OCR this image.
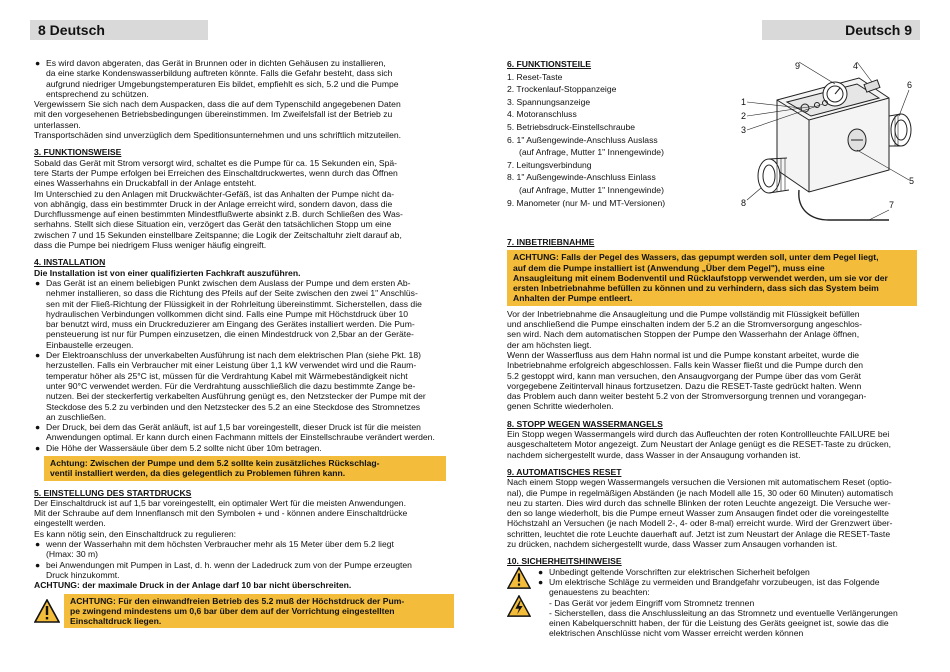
8 Deutsch
● Es wird davon abgeraten, das Gerät in Brunnen oder in dichten Gehäusen zu installieren,

da eine starke Kondenswasserbildung auftreten könnte. Falls die Gefahr besteht, dass sich

aufgrund niedriger Umgebungstemperaturen Eis bildet, empfiehlt es sich, 5.2 und die Pumpe

entsprechend zu schützen.

Vergewissern Sie sich nach dem Auspacken, dass die auf dem Typenschild angegebenen Daten

mit den vorgesehenen Betriebsbedingungen übereinstimmen. Im Zweifelsfall ist der Betrieb zu

unterlassen.

Transportschäden sind unverzüglich dem Speditionsunternehmen und uns schriftlich mitzuteilen.

3. FUNKTIONSWEISE

Sobald das Gerät mit Strom versorgt wird, schaltet es die Pumpe für ca. 15 Sekunden ein, Spä-

tere Starts der Pumpe erfolgen bei Erreichen des Einschaltdruckwertes, wenn durch das Öffnen

eines Wasserhahns ein Druckabfall in der Anlage entsteht.

Im Unterschied zu den Anlagen mit Druckwächter-Gefäß, ist das Anhalten der Pumpe nicht da-

von abhängig, dass ein bestimmter Druck in der Anlage erreicht wird, sondern davon, dass die

Durchflussmenge auf einen bestimmten Mindestflußwerte absinkt z.B. durch Schließen des Was-

serhahns. Stellt sich diese Situation ein, verzögert das Gerät den tatsächlichen Stopp um eine

zwischen 7 und 15 Sekunden einstellbare Zeitspanne; die Logik der Zeitschaltuhr zielt darauf ab,

dass die Pumpe bei niedrigem Fluss weniger häufig eingreift.

4. INSTALLATION

Die Installation ist von einer qualifizierten Fachkraft auszuführen.

● Das Gerät ist an einem beliebigen Punkt zwischen dem Auslass der Pumpe und dem ersten Ab-

nehmer installieren, so dass die Richtung des Pfeils auf der Seite zwischen den zwei 1" Anschlüs-

sen mit der Fließ-Richtung der Flüssigkeit in der Rohrleitung übereinstimmt. Sicherstellen, dass die

hydraulischen Verbindungen vollkommen dicht sind. Falls eine Pumpe mit Höchstdruck über 10

bar benutzt wird, muss ein Druckreduzierer am Eingang des Gerätes installiert werden. Die Pum-

pensteuerung ist nur für Pumpen einzusetzen, die einen Mindestdruck von 2,5bar an der Geräte-

Einbaustelle erzeugen.

● Der Elektroanschluss der unverkabelten Ausführung ist nach dem elektrischen Plan (siehe Pkt. 18)

herzustellen. Falls ein Verbraucher mit einer Leistung über 1,1 kW verwendet wird und die Raum-

temperatur höher als 25°C ist, müssen für die Verdrahtung Kabel mit Wärmebeständigkeit nicht

unter 90°C verwendet werden. Für die Verdrahtung ausschließlich die dazu bestimmte Zange be-

nutzen. Bei der steckerfertig verkabelten Ausführung genügt es, den Netzstecker der Pumpe mit der

Steckdose des 5.2 zu verbinden und den Netzstecker des 5.2 an eine Steckdose des Stromnetzes

an zuschließen.

● Der Druck, bei dem das Gerät anläuft, ist auf 1,5 bar voreingestellt, dieser Druck ist für die meisten

Anwendungen optimal. Er kann durch einen Fachmann mittels der Einstellschraube verändert werden.

● Die Höhe der Wassersäule über dem 5.2 sollte nicht über 10m betragen.

Achtung: Zwischen der Pumpe und dem 5.2 sollte kein zusätzliches Rückschlag-

ventil installiert werden, da dies gelegentlich zu Problemen führen kann.

5. EINSTELLUNG DES STARTDRUCKS

Der Einschaltdruck ist auf 1,5 bar voreingestellt, ein optimaler Wert für die meisten Anwendungen.

Mit der Schraube auf dem Innenflansch mit den Symbolen + und - können andere Einschaltdrücke

eingestellt werden.

Es kann nötig sein, den Einschaltdruck zu regulieren:

● wenn der Wasserhahn mit dem höchsten Verbraucher mehr als 15 Meter über dem 5.2 liegt

(Hmax: 30 m)

● bei Anwendungen mit Pumpen in Last, d. h. wenn der Ladedruck zum von der Pumpe erzeugten

Druck hinzukommt.

ACHTUNG: der maximale Druck in der Anlage darf 10 bar nicht überschreiten.

ACHTUNG: Für den einwandfreien Betrieb des 5.2 muß der Höchstdruck der Pum-

pe zwingend mindestens um 0,6 bar über dem auf der Vorrichtung eingestellten

Einschaltdruck liegen.

Deutsch 9

6. FUNKTIONSTEILE

1. Reset-Taste

2. Trockenlauf-Stoppanzeige

3. Spannungsanzeige

4. Motoranschluss

5. Betriebsdruck-Einstellschraube

6. 1" Außengewinde-Anschluss Auslass

(auf Anfrage, Mutter 1" Innengewinde)

7. Leitungsverbindung

8. 1" Außengewinde-Anschluss Einlass

(auf Anfrage, Mutter 1" Innengewinde)

9. Manometer (nur M- und MT-Versionen)

1
2
3
4
5
6
7
8
9

7. INBETRIEBNAHME

ACHTUNG: Falls der Pegel des Wassers, das gepumpt werden soll, unter dem Pegel liegt,

auf dem die Pumpe installiert ist (Anwendung „Über dem Pegel"), muss eine

Ansaugleitung mit einem Bodenventil und Rücklaufstopp verwendet werden, um sie vor der

ersten Inbetriebnahme befüllen zu können und zu verhindern, dass sich das System beim

Anhalten der Pumpe entleert.

Vor der Inbetriebnahme die Ansaugleitung und die Pumpe vollständig mit Flüssigkeit befüllen

und anschließend die Pumpe einschalten indem der 5.2 an die Stromversorgung angeschlos-

sen wird. Nach dem automatischen Stoppen der Pumpe den Wasserhahn der Anlage öffnen,

der am höchsten liegt.

Wenn der Wasserfluss aus dem Hahn normal ist und die Pumpe konstant arbeitet, wurde die

Inbetriebnahme erfolgreich abgeschlossen. Falls kein Wasser fließt und die Pumpe durch den

5.2 gestoppt wird, kann man versuchen, den Ansaugvorgang der Pumpe über das vom Gerät

vorgegebene Zeitintervall hinaus fortzusetzen. Dazu die RESET-Taste gedrückt halten. Wenn

das Problem auch dann weiter besteht 5.2 von der Stromversorgung trennen und vorangegan-

genen Schritte wiederholen.

8. STOPP WEGEN WASSERMANGELS

Ein Stopp wegen Wassermangels wird durch das Aufleuchten der roten Kontrollleuchte FAILURE bei

ausgeschaltetem Motor angezeigt. Zum Neustart der Anlage genügt es die RESET-Taste zu drücken,

nachdem sichergestellt wurde, dass Wasser in der Ansaugung vorhanden ist.

9. AUTOMATISCHES RESET

Nach einem Stopp wegen Wassermangels versuchen die Versionen mit automatischem Reset (optio-

nal), die Pumpe in regelmäßigen Abständen (je nach Modell alle 15, 30 oder 60 Minuten) automatisch

neu zu starten. Dies wird durch das schnelle Blinken der roten Leuchte angezeigt. Die Versuche wer-

den so lange wiederholt, bis die Pumpe erneut Wasser zum Ansaugen findet oder die voreingestellte

Höchstzahl an Versuchen (je nach Modell 2-, 4- oder 8-mal) erreicht wurde. Wird der Grenzwert über-

schritten, leuchtet die rote Leuchte dauerhaft auf. Jetzt ist zum Neustart der Anlage die RESET-Taste

zu drücken, nachdem sichergestellt wurde, dass Wasser zum Ansaugen vorhanden ist.

10. SICHERHEITSHINWEISE

● Unbedingt geltende Vorschriften zur elektrischen Sicherheit befolgen

● Um elektrische Schläge zu vermeiden und Brandgefahr vorzubeugen, ist das Folgende

genauestens zu beachten:

- Das Gerät vor jedem Eingriff vom Stromnetz trennen

- Sicherstellen, dass die Anschlussleitung an das Stromnetz und eventuelle Verlängerungen

einen Kabelquerschnitt haben, der für die Leistung des Geräts geeignet ist, sowie das die

elektrischen Anschlüsse nicht vom Wasser erreicht werden können
